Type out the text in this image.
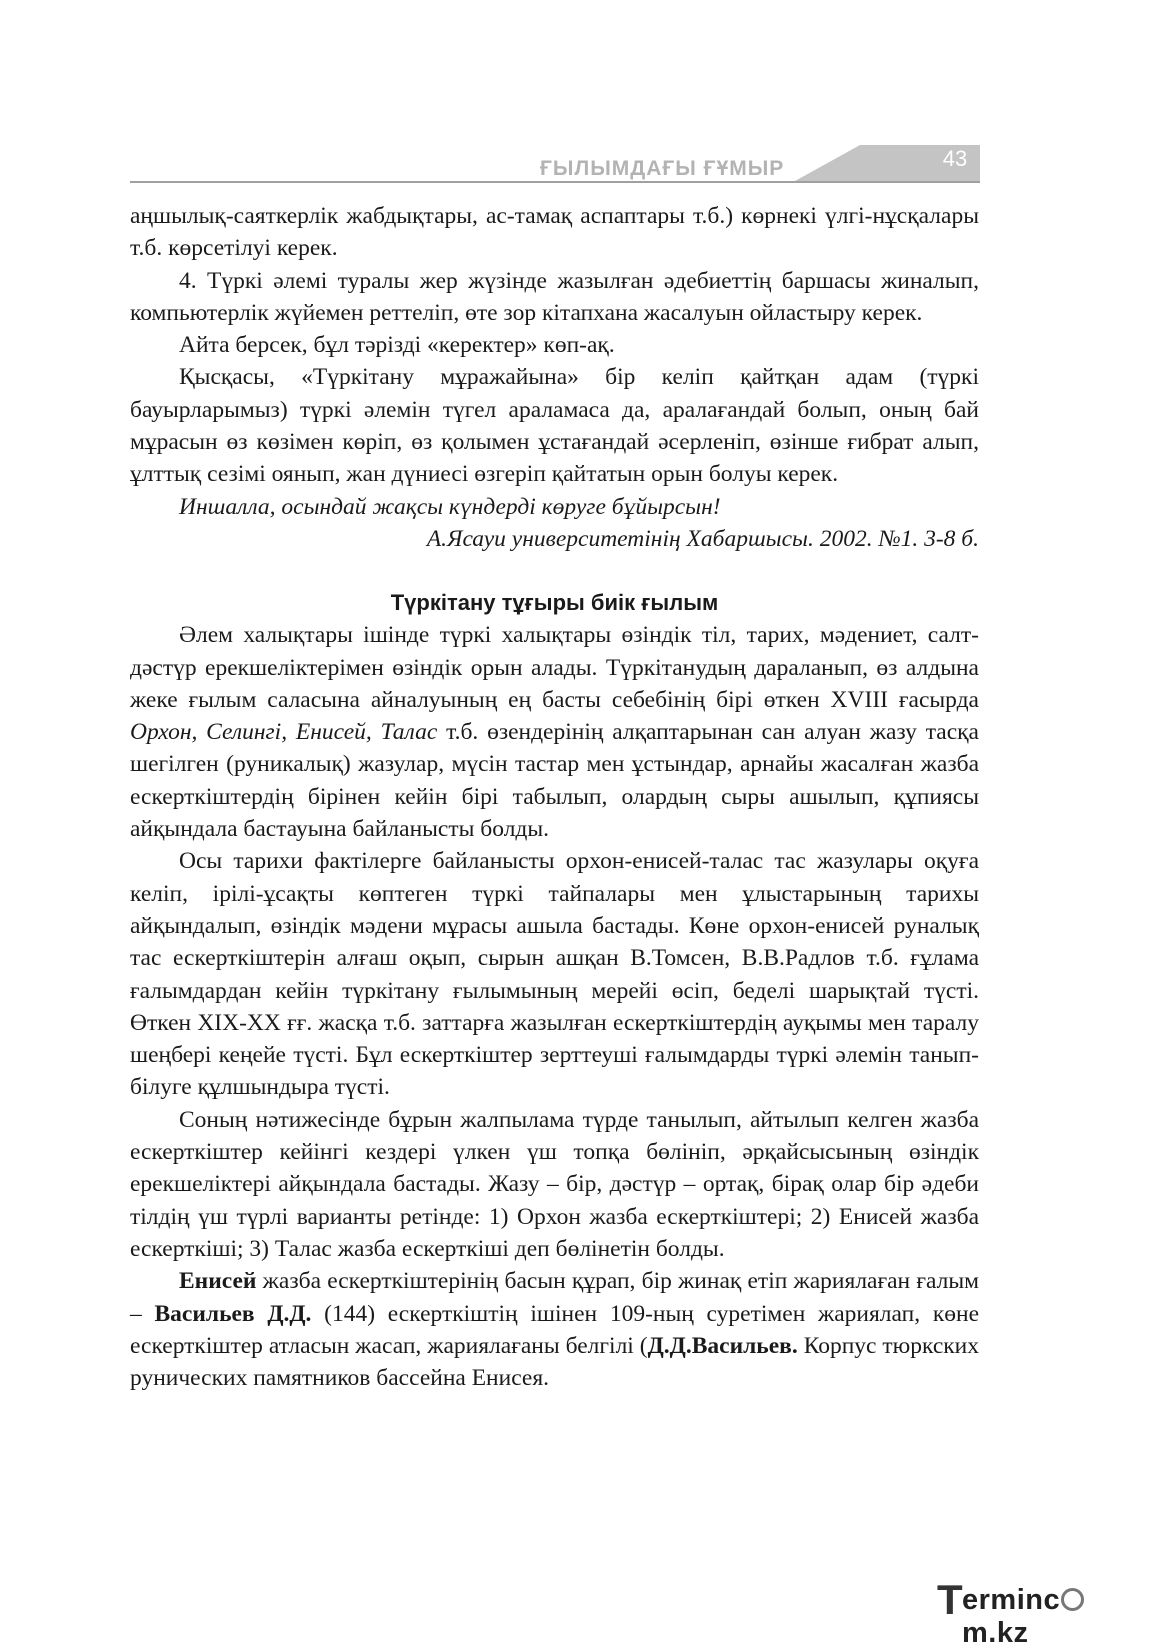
ҒЫЛЫМДАҒЫ ҒҰМЫР	43

аңшылық-саяткерлік жабдықтары, ас-тамақ аспаптары т.б.) көрнекі үлгі-нұсқалары т.б. көрсетілуі керек.

4. Түркі әлемі туралы жер жүзінде жазылған әдебиеттің баршасы жиналып, компьютерлік жүйемен реттеліп, өте зор кітапхана жасалуын ойластыру керек.

Айта берсек, бұл тәрізді «керектер» көп-ақ.

Қысқасы, «Түркітану мұражайына» бір келіп қайтқан адам (түркі бауырларымыз) түркі әлемін түгел араламаса да, аралағандай болып, оның бай мұрасын өз көзімен көріп, өз қолымен ұстағандай әсерленіп, өзінше ғибрат алып, ұлттық сезімі оянып, жан дүниесі өзгеріп қайтатын орын болуы керек.

Иншалла, осындай жақсы күндерді көруге бұйырсын!

А.Ясауи университетінің Хабаршысы. 2002. №1. 3-8 б.

Түркітану тұғыры биік ғылым

Әлем халықтары ішінде түркі халықтары өзіндік тіл, тарих, мәдениет, салт-дәстүр ерекшеліктерімен өзіндік орын алады. Түркітанудың дараланып, өз алдына жеке ғылым саласына айналуының ең басты себебінің бірі өткен XVIII ғасырда Орхон, Селингі, Енисей, Талас т.б. өзендерінің алқаптарынан сан алуан жазу тасқа шегілген (руникалық) жазулар, мүсін тастар мен ұстындар, арнайы жасалған жазба ескерткіштердің бірінен кейін бірі табылып, олардың сыры ашылып, құпиясы айқындала бастауына байланысты болды.

Осы тарихи фактілерге байланысты орхон-енисей-талас тас жазулары оқуға келіп, ірілі-ұсақты көптеген түркі тайпалары мен ұлыстарының тарихы айқындалып, өзіндік мәдени мұрасы ашыла бастады. Көне орхон-енисей руналық тас ескерткіштерін алғаш оқып, сырын ашқан В.Томсен, В.В.Радлов т.б. ғұлама ғалымдардан кейін түркітану ғылымының мерейі өсіп, беделі шарықтай түсті. Өткен XIX-XX ғғ. жасқа т.б. заттарға жазылған ескерткіштердің ауқымы мен таралу шеңбері кеңейе түсті. Бұл ескерткіштер зерттеуші ғалымдарды түркі әлемін танып-білуге құлшындыра түсті.

Соның нәтижесінде бұрын жалпылама түрде танылып, айтылып келген жазба ескерткіштер кейінгі кездері үлкен үш топқа бөлініп, әрқайсысының өзіндік ерекшеліктері айқындала бастады. Жазу – бір, дәстүр – ортақ, бірақ олар бір әдеби тілдің үш түрлі варианты ретінде: 1) Орхон жазба ескерткіштері; 2) Енисей жазба ескерткіші; 3) Талас жазба ескерткіші деп бөлінетін болды.

Енисей жазба ескерткіштерінің басын құрап, бір жинақ етіп жариялаған ғалым – Васильев Д.Д. (144) ескерткіштің ішінен 109-ның суретімен жариялап, көне ескерткіштер атласын жасап, жариялағаны белгілі (Д.Д.Васильев. Корпус тюркских рунических памятников бассейна Енисея.

T ermincm.kz
